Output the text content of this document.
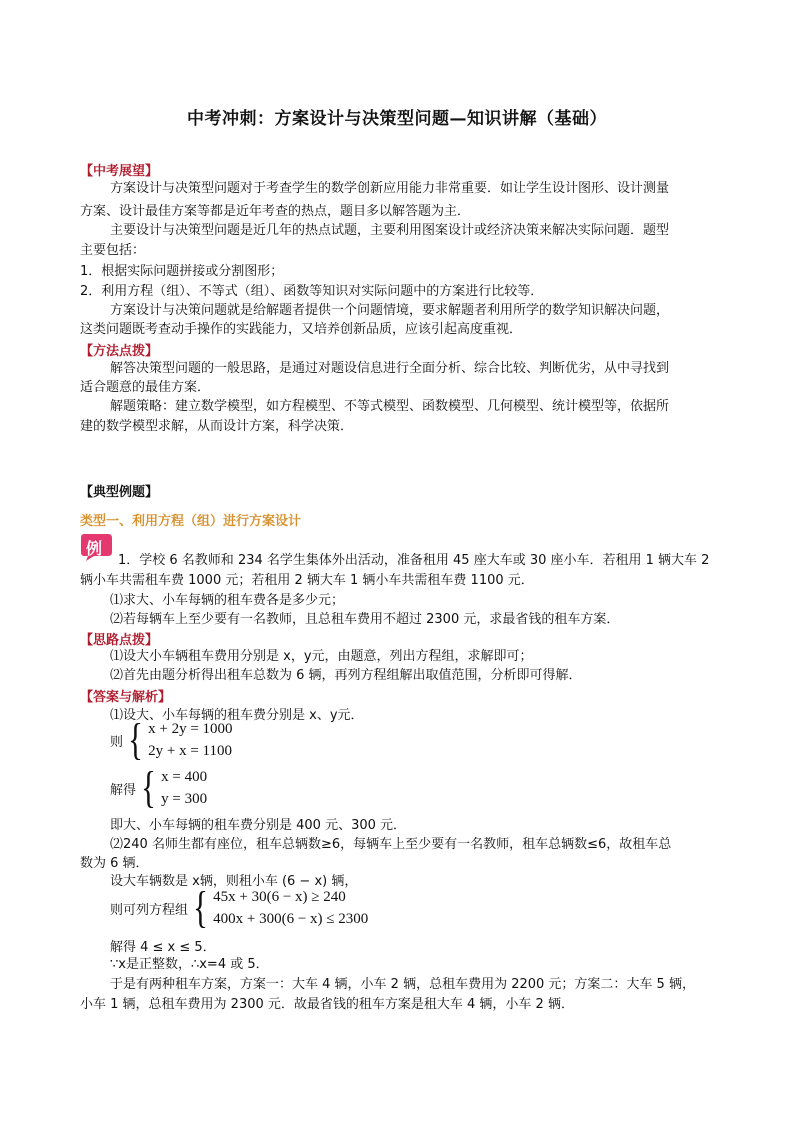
中考冲刺：方案设计与决策型问题—知识讲解（基础）
【中考展望】
方案设计与决策型问题对于考查学生的数学创新应用能力非常重要．如让学生设计图形、设计测量
方案、设计最佳方案等都是近年考查的热点，题目多以解答题为主．
主要设计与决策型问题是近几年的热点试题，主要利用图案设计或经济决策来解决实际问题．题型
主要包括：
1．根据实际问题拼接或分割图形；
2．利用方程（组）、不等式（组）、函数等知识对实际问题中的方案进行比较等．
方案设计与决策问题就是给解题者提供一个问题情境，要求解题者利用所学的数学知识解决问题，
这类问题既考查动手操作的实践能力，又培养创新品质，应该引起高度重视．
【方法点拨】
解答决策型问题的一般思路，是通过对题设信息进行全面分析、综合比较、判断优劣，从中寻找到
适合题意的最佳方案．
解题策略：建立数学模型，如方程模型、不等式模型、函数模型、几何模型、统计模型等，依据所
建的数学模型求解，从而设计方案，科学决策．
【典型例题】
类型一、利用方程（组）进行方案设计
例
1．学校 6 名教师和 234 名学生集体外出活动，准备租用 45 座大车或 30 座小车．若租用 1 辆大车 2
辆小车共需租车费 1000 元；若租用 2 辆大车 1 辆小车共需租车费 1100 元．
⑴求大、小车每辆的租车费各是多少元；
⑵若每辆车上至少要有一名教师，且总租车费用不超过 2300 元，求最省钱的租车方案．
【思路点拨】
⑴设大小车辆租车费用分别是 x，y元，由题意，列出方程组，求解即可；
⑵首先由题分析得出租车总数为 6 辆，再列方程组解出取值范围，分析即可得解．
【答案与解析】
⑴设大、小车每辆的租车费分别是 x、y元．
则 { x + 2y = 1000
2y + x = 1100
解得 { x = 400
y = 300
即大、小车每辆的租车费分别是 400 元、300 元．
⑵240 名师生都有座位，租车总辆数≥6，每辆车上至少要有一名教师，租车总辆数≤6，故租车总
数为 6 辆．
设大车辆数是 x辆，则租小车 (6 − x) 辆，
则可列方程组 { 45x + 30(6 − x) ≥ 240
400x + 300(6 − x) ≤ 2300
解得 4 ≤ x ≤ 5．
∵x是正整数，∴x=4 或 5．
于是有两种租车方案，方案一：大车 4 辆，小车 2 辆，总租车费用为 2200 元；方案二：大车 5 辆，
小车 1 辆，总租车费用为 2300 元．故最省钱的租车方案是租大车 4 辆，小车 2 辆．
